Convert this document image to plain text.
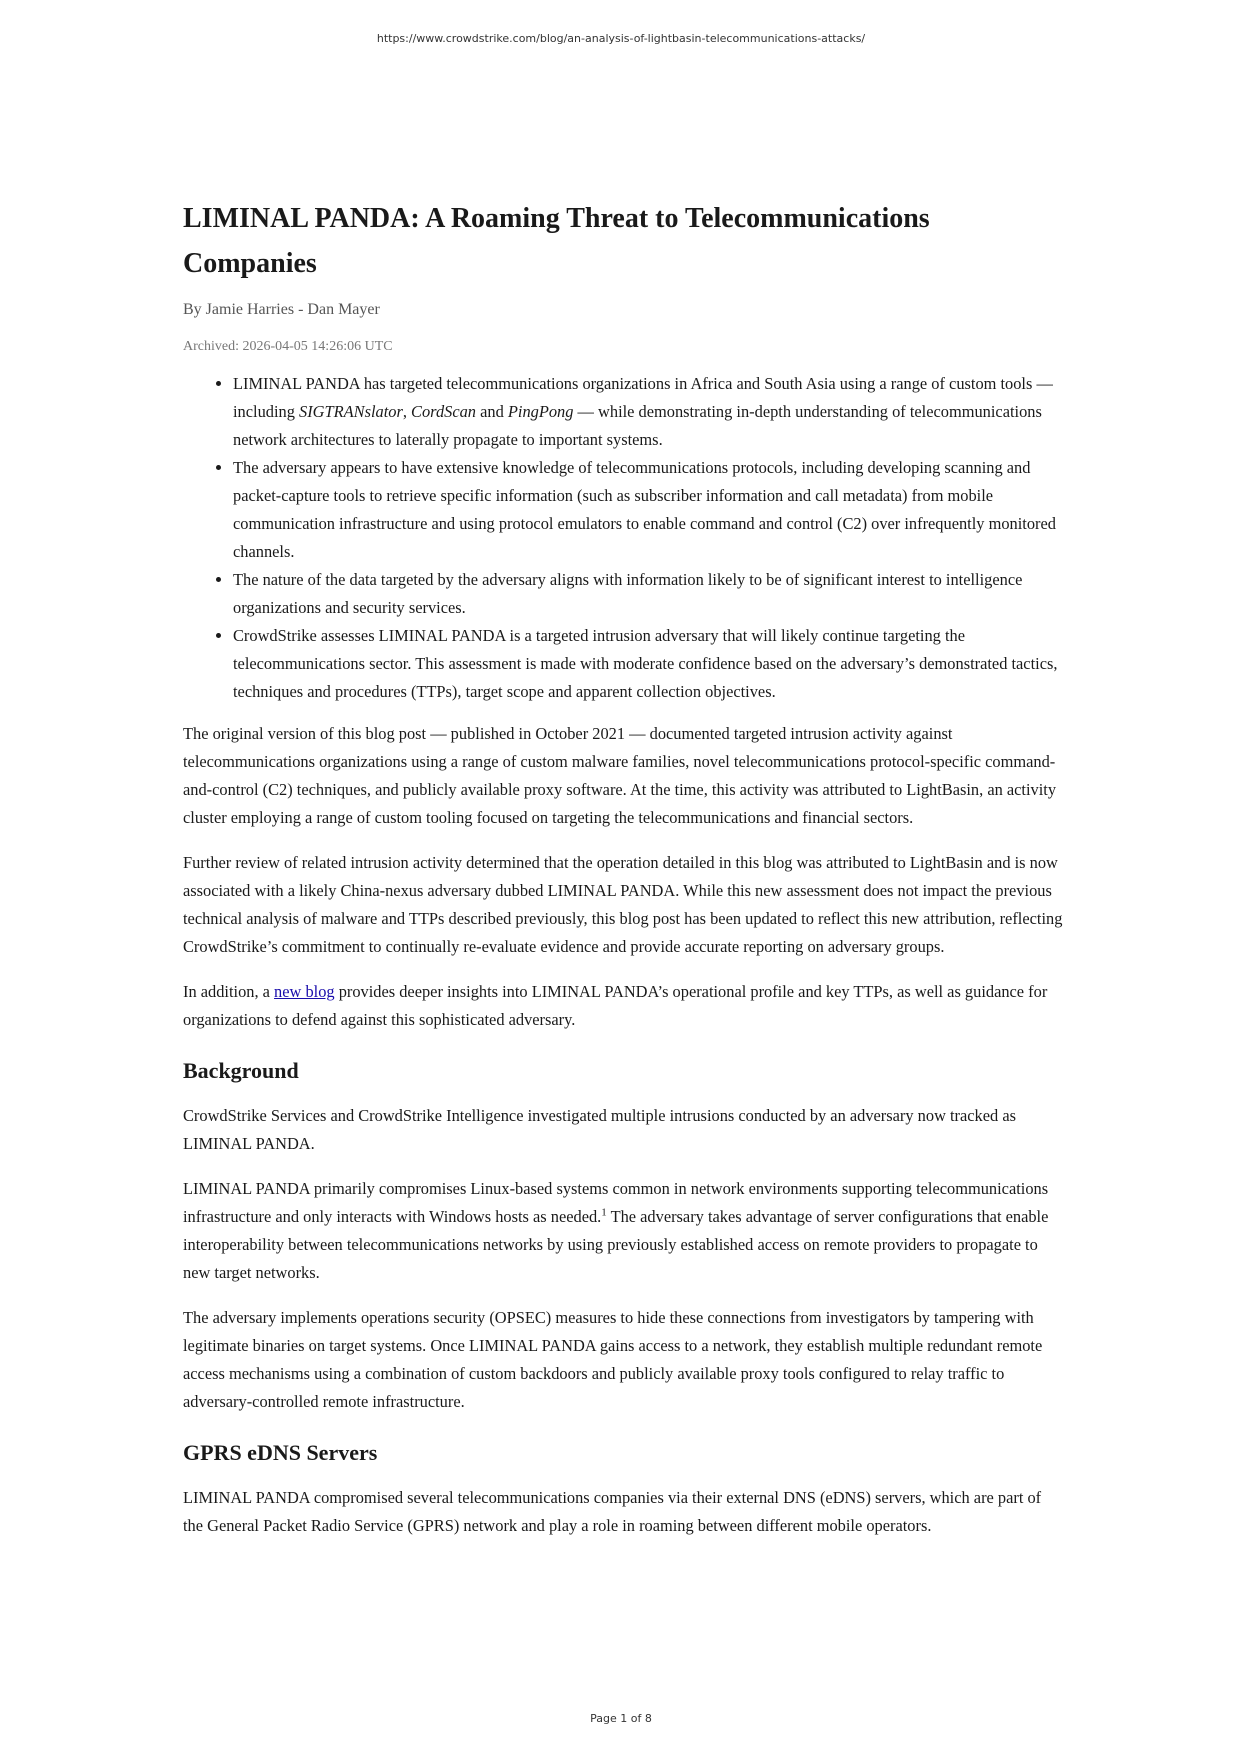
https://www.crowdstrike.com/blog/an-analysis-of-lightbasin-telecommunications-attacks/
LIMINAL PANDA: A Roaming Threat to Telecommunications Companies
By Jamie Harries - Dan Mayer
Archived: 2026-04-05 14:26:06 UTC
• LIMINAL PANDA has targeted telecommunications organizations in Africa and South Asia using a range of custom tools — including SIGTRANslator, CordScan and PingPong — while demonstrating in-depth understanding of telecommunications network architectures to laterally propagate to important systems.
• The adversary appears to have extensive knowledge of telecommunications protocols, including developing scanning and packet-capture tools to retrieve specific information (such as subscriber information and call metadata) from mobile communication infrastructure and using protocol emulators to enable command and control (C2) over infrequently monitored channels.
• The nature of the data targeted by the adversary aligns with information likely to be of significant interest to intelligence organizations and security services.
• CrowdStrike assesses LIMINAL PANDA is a targeted intrusion adversary that will likely continue targeting the telecommunications sector. This assessment is made with moderate confidence based on the adversary’s demonstrated tactics, techniques and procedures (TTPs), target scope and apparent collection objectives.

The original version of this blog post — published in October 2021 — documented targeted intrusion activity against telecommunications organizations using a range of custom malware families, novel telecommunications protocol-specific command-and-control (C2) techniques, and publicly available proxy software. At the time, this activity was attributed to LightBasin, an activity cluster employing a range of custom tooling focused on targeting the telecommunications and financial sectors.

Further review of related intrusion activity determined that the operation detailed in this blog was attributed to LightBasin and is now associated with a likely China-nexus adversary dubbed LIMINAL PANDA. While this new assessment does not impact the previous technical analysis of malware and TTPs described previously, this blog post has been updated to reflect this new attribution, reflecting CrowdStrike’s commitment to continually re-evaluate evidence and provide accurate reporting on adversary groups.

In addition, a new blog provides deeper insights into LIMINAL PANDA’s operational profile and key TTPs, as well as guidance for organizations to defend against this sophisticated adversary.

Background

CrowdStrike Services and CrowdStrike Intelligence investigated multiple intrusions conducted by an adversary now tracked as LIMINAL PANDA.

LIMINAL PANDA primarily compromises Linux-based systems common in network environments supporting telecommunications infrastructure and only interacts with Windows hosts as needed.$^1$ The adversary takes advantage of server configurations that enable interoperability between telecommunications networks by using previously established access on remote providers to propagate to new target networks.

The adversary implements operations security (OPSEC) measures to hide these connections from investigators by tampering with legitimate binaries on target systems. Once LIMINAL PANDA gains access to a network, they establish multiple redundant remote access mechanisms using a combination of custom backdoors and publicly available proxy tools configured to relay traffic to adversary-controlled remote infrastructure.

GPRS eDNS Servers

LIMINAL PANDA compromised several telecommunications companies via their external DNS (eDNS) servers, which are part of the General Packet Radio Service (GPRS) network and play a role in roaming between different mobile operators.

Page 1 of 8
